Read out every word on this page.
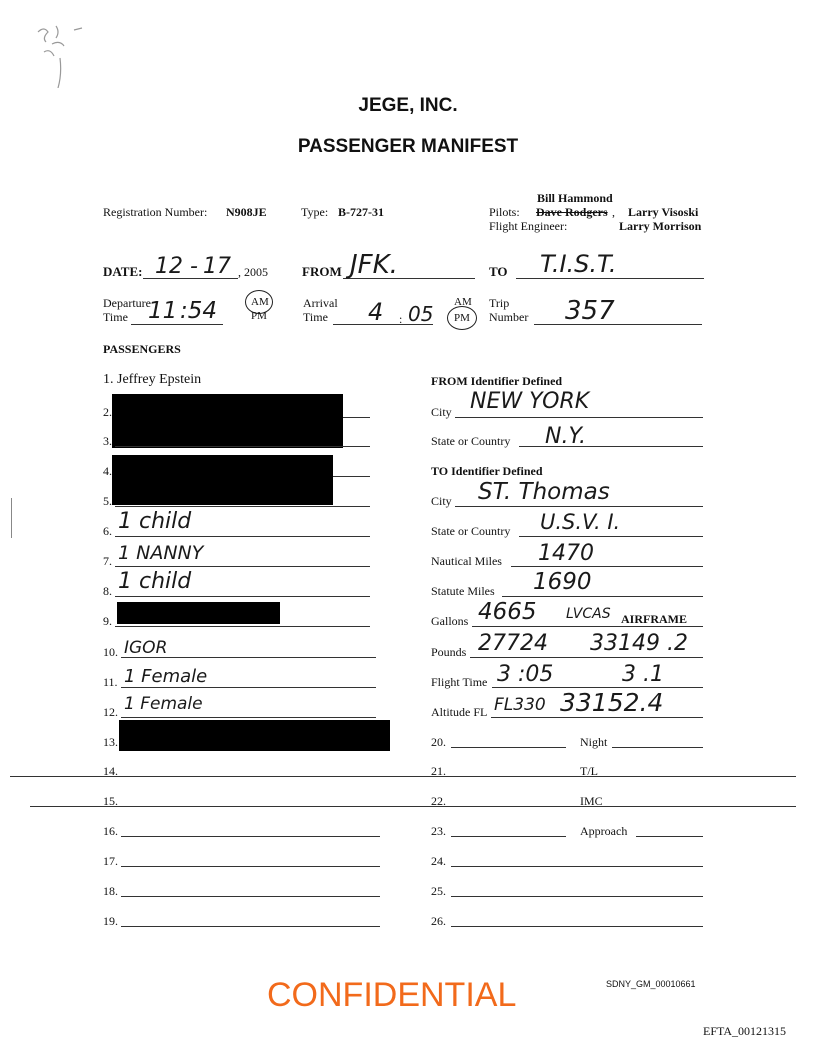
JEGE, INC.
PASSENGER MANIFEST
Registration Number: N908JE	Type: B-727-31
Bill Hammond
Pilots: Dave Rodgers , Larry Visoski
Flight Engineer:	Larry Morrison
DATE: 12 - 17 , 2005	FROM JFK.	TO T.I.S.T.
Departure
Time 11 :54	AM
PM
Arrival
Time 4 : 05 AM
PM
Trip
Number 357
PASSENGERS
1. Jeffrey Epstein
2.
3.
4.
5.
6. 1 child
7. 1 NANNY
8. 1 child
9.
10. IGOR
11. 1 Female
12. 1 Female
13.
14.
15.
16.
17.
18.
19.
FROM Identifier Defined
City NEW YORK
State or Country N.Y.
TO Identifier Defined
City ST. Thomas
State or Country U.S.V. I.
Nautical Miles 1470
Statute Miles 1690
Gallons 4665 LVCAS AIRFRAME
Pounds 27724 33149 .2
Flight Time 3 :05	3 .1
Altitude FL FL330 33152.4
20.	Night
21.	T/L
22.	IMC
23.	Approach
24.
25.
26.
CONFIDENTIAL	SDNY_GM_00010661
EFTA_00121315
